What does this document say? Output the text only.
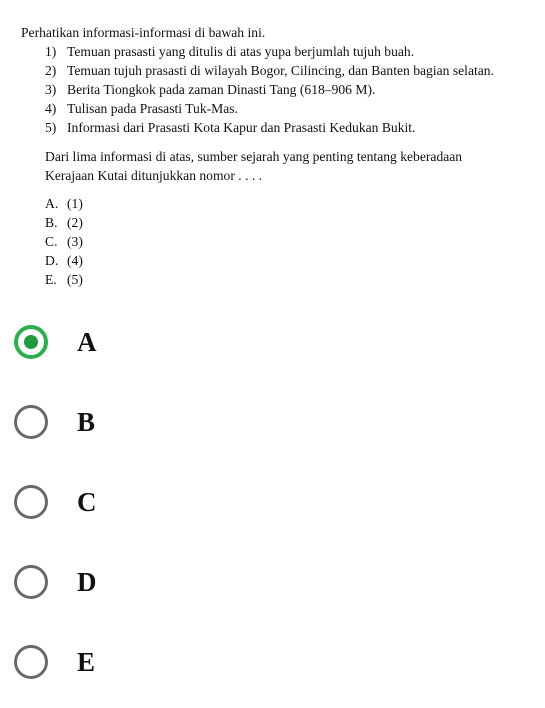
Perhatikan informasi-informasi di bawah ini.
1) Temuan prasasti yang ditulis di atas yupa berjumlah tujuh buah.
2) Temuan tujuh prasasti di wilayah Bogor, Cilincing, dan Banten bagian selatan.
3) Berita Tiongkok pada zaman Dinasti Tang (618–906 M).
4) Tulisan pada Prasasti Tuk-Mas.
5) Informasi dari Prasasti Kota Kapur dan Prasasti Kedukan Bukit.
Dari lima informasi di atas, sumber sejarah yang penting tentang keberadaan
Kerajaan Kutai ditunjukkan nomor . . . .
A. (1)
B. (2)
C. (3)
D. (4)
E. (5)
A
B
C
D
E
